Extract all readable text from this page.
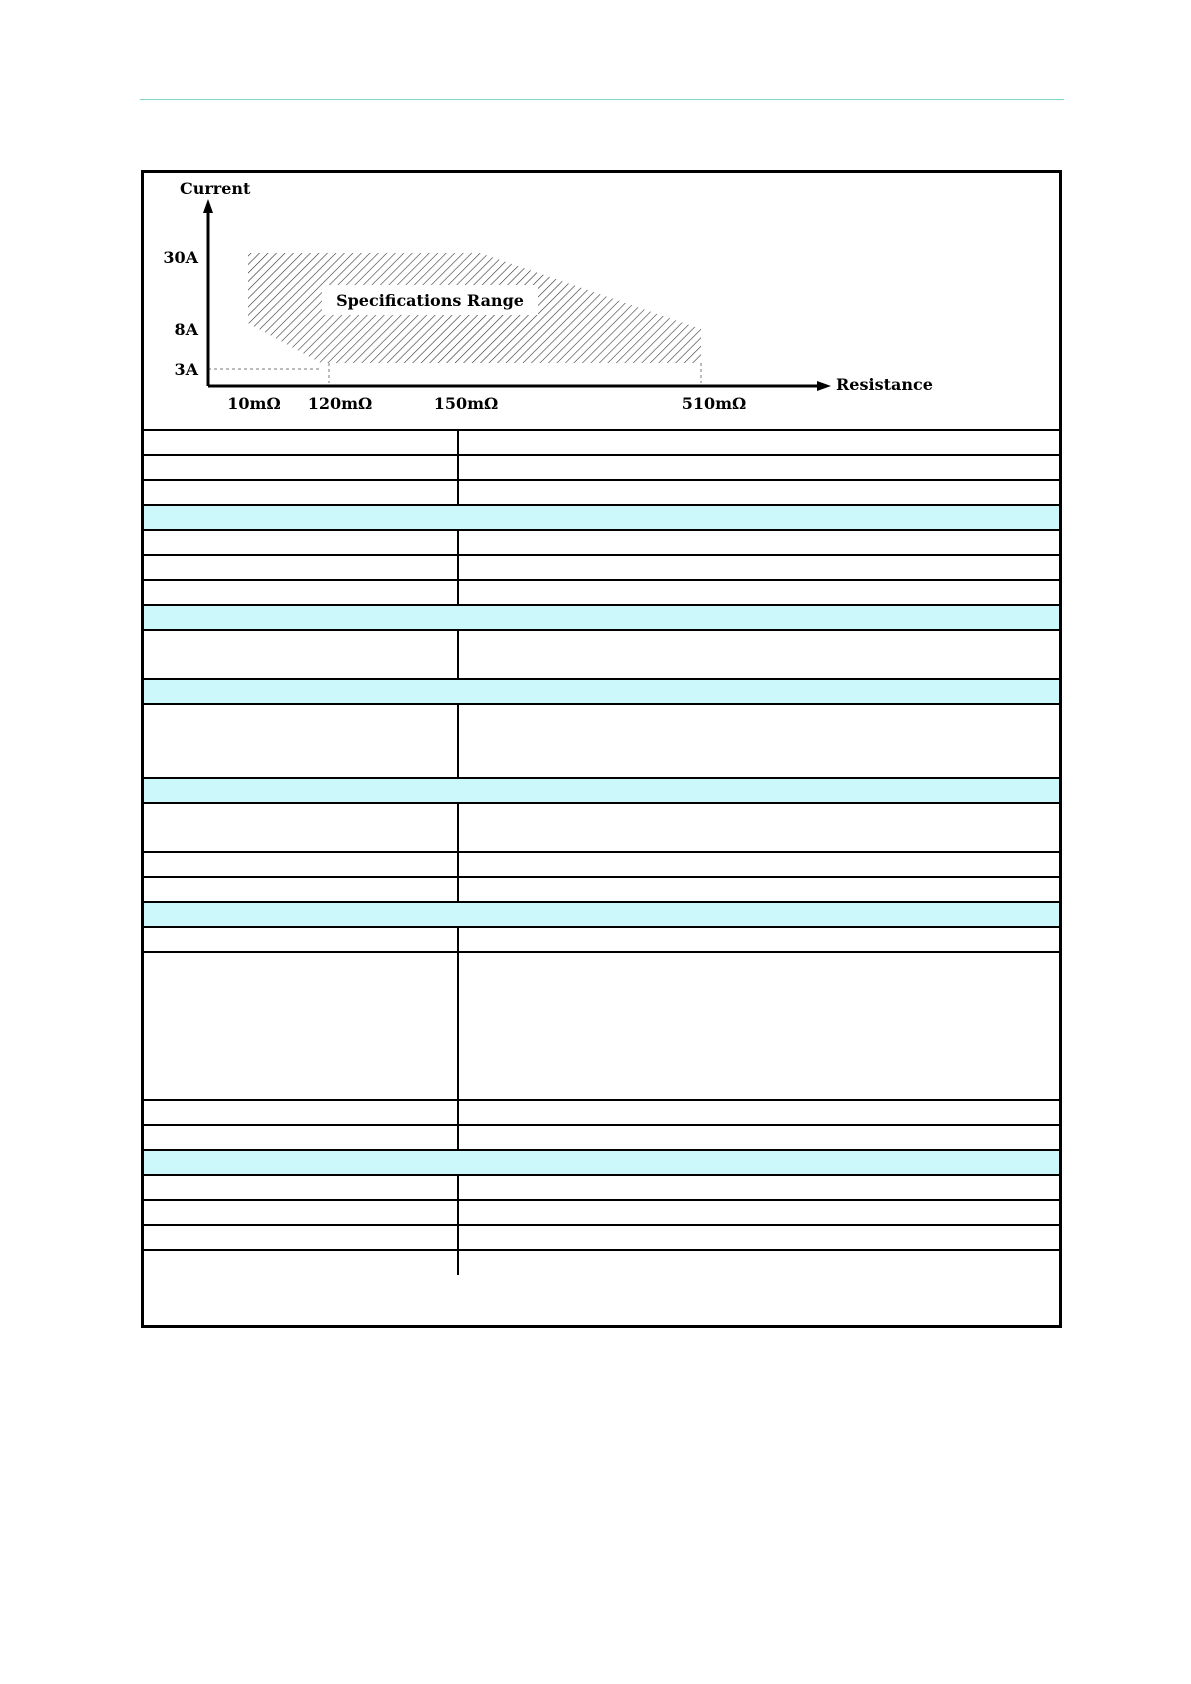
Specifications Range
Current
Resistance
30A
8A
3A
10mΩ 120mΩ	150mΩ	510mΩ
